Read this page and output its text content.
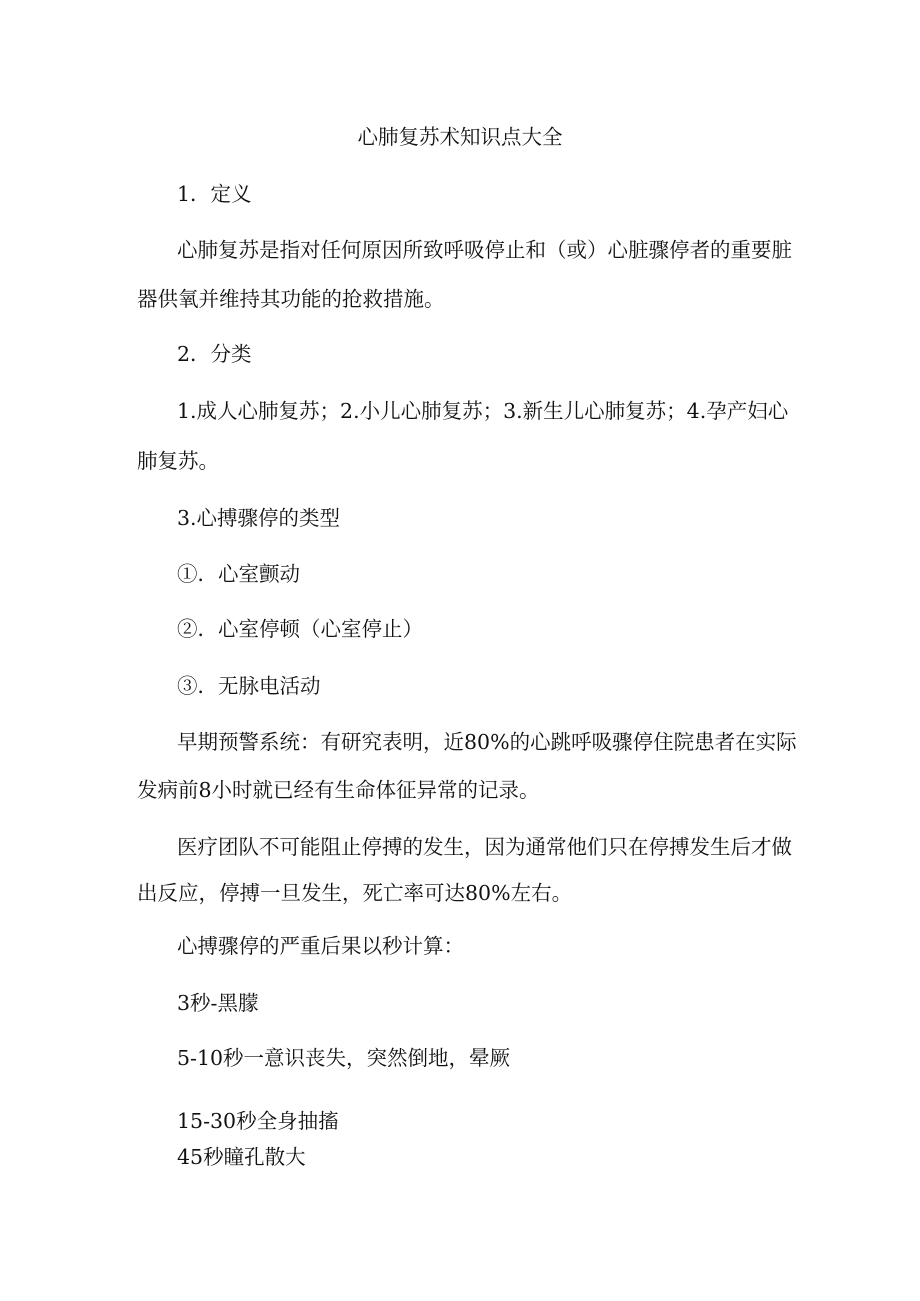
心肺复苏术知识点大全
1．定义
心肺复苏是指对任何原因所致呼吸停止和（或）心脏骤停者的重要脏
器供氧并维持其功能的抢救措施。
2．分类
1.成人心肺复苏；2.小儿心肺复苏；3.新生儿心肺复苏；4.孕产妇心
肺复苏。
3.心搏骤停的类型
①．心室颤动
②．心室停顿（心室停止）
③．无脉电活动
早期预警系统：有研究表明，近80%的心跳呼吸骤停住院患者在实际
发病前8小时就已经有生命体征异常的记录。
医疗团队不可能阻止停搏的发生，因为通常他们只在停搏发生后才做
出反应，停搏一旦发生，死亡率可达80%左右。
心搏骤停的严重后果以秒计算：
3秒-黑朦
5-10秒一意识丧失，突然倒地，晕厥
15-30秒全身抽搐
45秒瞳孔散大
